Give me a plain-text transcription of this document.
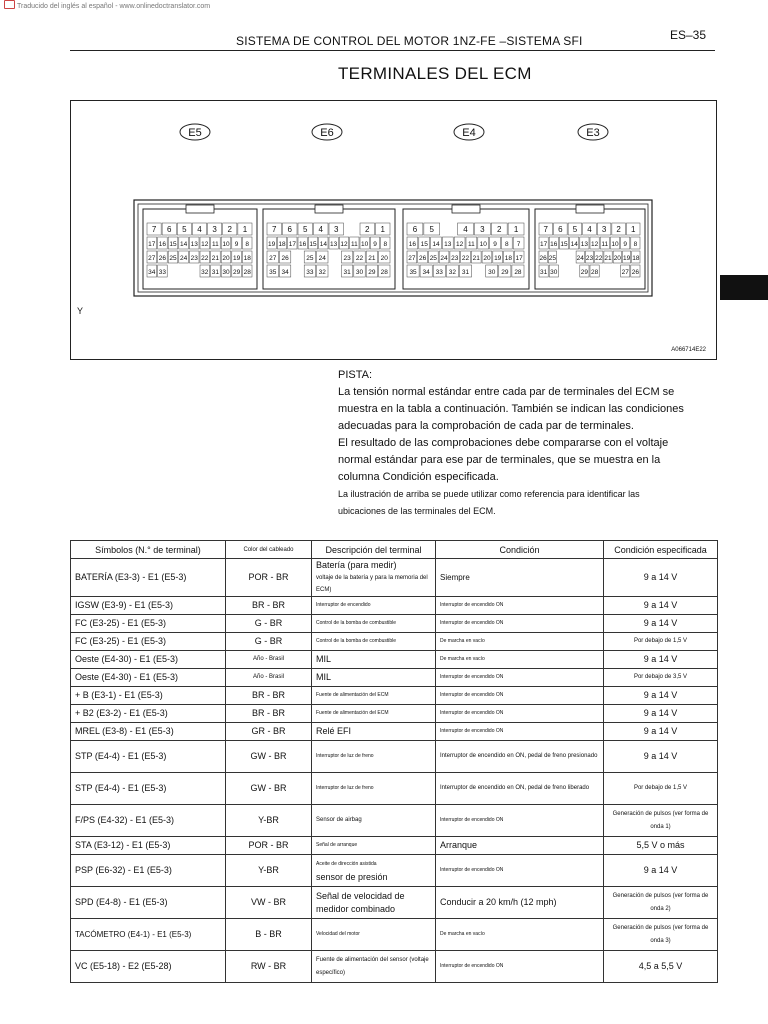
Traducido del inglés al español - www.onlinedoctranslator.com
SISTEMA DE CONTROL DEL MOTOR 1NZ-FE –SISTEMA SFI	ES–35
TERMINALES DEL ECM
E5	E6	E4	E3
7 6 5 4 3 2 1
17 16 15 14 13 12 11 10 9 8
27 26 25 24 23 22 21 20 19 18
34 33	32 31 30 29 28
7 6 5 4 3	2 1
19 18 17 16 15 14 13 12 11 10 9 8
27 26	25 24	23 22 21 20
35 34	33 32	31 30 29 28
6 5	4 3 2 1
16 15 14 13 12 11 10 9 8 7
27 26 25 24 23 22 21 20 19 18 17
35 34 33 32 31	30 29 28
7 6 5 4 3 2 1
17 16 15 14 13 12 11 10 9 8
26 25	24 23 22 21 20 19 18
31 30	29 28	27 26
Y
A066714E22

PISTA:

La tensión normal estándar entre cada par de terminales del ECM se muestra en la tabla a continuación. También se indican las condiciones adecuadas para la comprobación de cada par de terminales.

El resultado de las comprobaciones debe compararse con el voltaje normal estándar para ese par de terminales, que se muestra en la columna Condición especificada.

La ilustración de arriba se puede utilizar como referencia para identificar las ubicaciones de las terminales del ECM.

Símbolos (N.° de terminal)	Color del cableado	Descripción del terminal	Condición	Condición especificada
BATERÍA (E3-3) - E1 (E5-3)	POR - BR	Batería (para medir)
voltaje de la batería y para la memoria del ECM)	Siempre	9 a 14 V
IGSW (E3-9) - E1 (E5-3)	BR - BR	Interruptor de encendido	Interruptor de encendido ON	9 a 14 V
FC (E3-25) - E1 (E5-3)	G - BR	Control de la bomba de combustible	Interruptor de encendido ON	9 a 14 V
FC (E3-25) - E1 (E5-3)	G - BR	Control de la bomba de combustible	De marcha en vacío	Por debajo de 1,5 V
Oeste (E4-30) - E1 (E5-3)	Año - Brasil	MIL	De marcha en vacío	9 a 14 V
Oeste (E4-30) - E1 (E5-3)	Año - Brasil	MIL	Interruptor de encendido ON	Por debajo de 3,5 V
+ B (E3-1) - E1 (E5-3)	BR - BR	Fuente de alimentación del ECM	Interruptor de encendido ON	9 a 14 V
+ B2 (E3-2) - E1 (E5-3)	BR - BR	Fuente de alimentación del ECM	Interruptor de encendido ON	9 a 14 V
MREL (E3-8) - E1 (E5-3)	GR - BR	Relé EFI	Interruptor de encendido ON	9 a 14 V
STP (E4-4) - E1 (E5-3)	GW - BR	Interruptor de luz de freno	Interruptor de encendido en ON, pedal de freno presionado	9 a 14 V
STP (E4-4) - E1 (E5-3)	GW - BR	Interruptor de luz de freno	Interruptor de encendido en ON, pedal de freno liberado	Por debajo de 1,5 V
F/PS (E4-32) - E1 (E5-3)	Y-BR	Sensor de airbag	Interruptor de encendido ON	Generación de pulsos (ver forma de onda 1)
STA (E3-12) - E1 (E5-3)	POR - BR	Señal de arranque	Arranque	5,5 V o más
PSP (E6-32) - E1 (E5-3)	Y-BR	Aceite de dirección asistida
sensor de presión	Interruptor de encendido ON	9 a 14 V
SPD (E4-8) - E1 (E5-3)	VW - BR	Señal de velocidad de medidor combinado	Conducir a 20 km/h (12 mph)	Generación de pulsos (ver forma de onda 2)
TACÓMETRO (E4-1) - E1 (E5-3)	B - BR	Velocidad del motor	De marcha en vacío	Generación de pulsos (ver forma de onda 3)
VC (E5-18) - E2 (E5-28)	RW - BR	Fuente de alimentación del sensor (voltaje específico)	Interruptor de encendido ON	4,5 a 5,5 V
